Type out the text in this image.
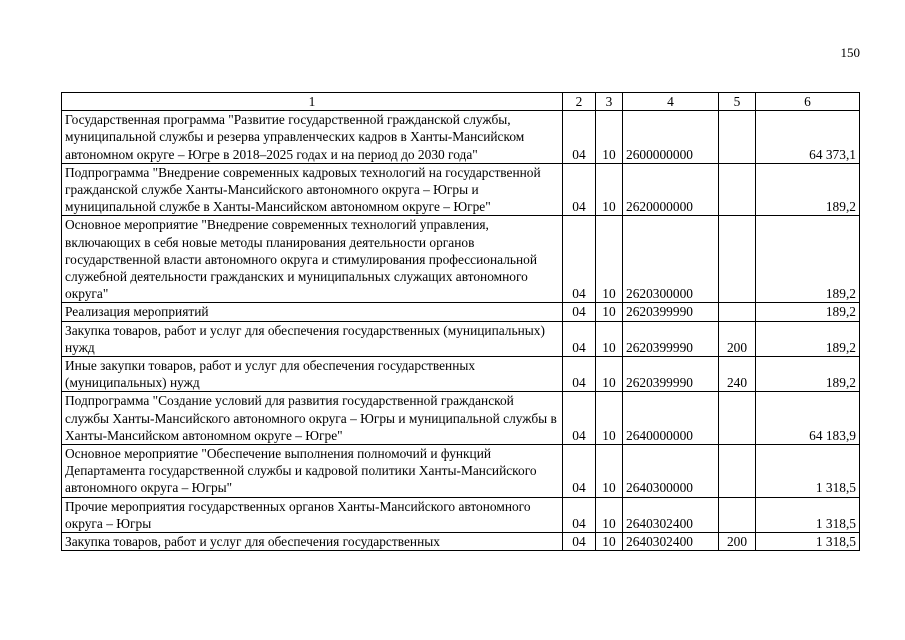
150
1	2	3	4	5	6
Государственная программа "Развитие государственной гражданской службы, муниципальной службы и резерва управленческих кадров в Ханты-Мансийском автономном округе – Югре в 2018–2025 годах и на период до 2030 года"	04	10	2600000000		64 373,1
Подпрограмма "Внедрение современных кадровых технологий на государственной гражданской службе Ханты-Мансийского автономного округа – Югры и муниципальной службе в Ханты-Мансийском автономном округе – Югре"	04	10	2620000000		189,2
Основное мероприятие "Внедрение современных технологий управления, включающих в себя новые методы планирования деятельности органов государственной власти автономного округа и стимулирования профессиональной служебной деятельности гражданских и муниципальных служащих автономного округа"	04	10	2620300000		189,2
Реализация мероприятий	04	10	2620399990		189,2
Закупка товаров, работ и услуг для обеспечения государственных (муниципальных) нужд	04	10	2620399990	200	189,2
Иные закупки товаров, работ и услуг для обеспечения государственных (муниципальных) нужд	04	10	2620399990	240	189,2
Подпрограмма "Создание условий для развития государственной гражданской службы Ханты-Мансийского автономного округа – Югры и муниципальной службы в Ханты-Мансийском автономном округе – Югре"	04	10	2640000000		64 183,9
Основное мероприятие "Обеспечение выполнения полномочий и функций Департамента государственной службы и кадровой политики Ханты-Мансийского автономного округа – Югры"	04	10	2640300000		1 318,5
Прочие мероприятия государственных органов Ханты-Мансийского автономного округа – Югры	04	10	2640302400		1 318,5
Закупка товаров, работ и услуг для обеспечения государственных	04	10	2640302400	200	1 318,5
